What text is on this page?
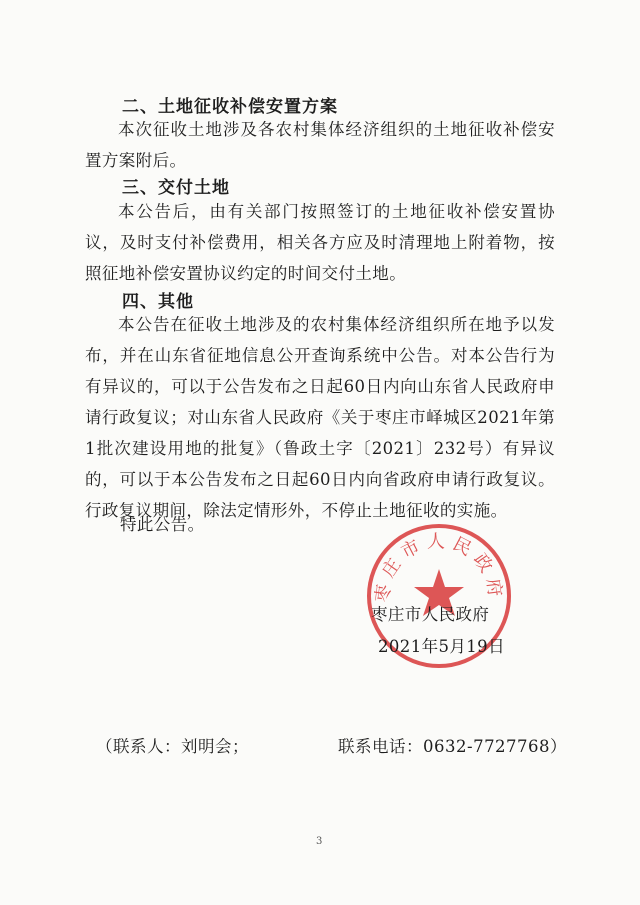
二、土地征收补偿安置方案

本次征收土地涉及各农村集体经济组织的土地征收补偿安置方案附后。

三、交付土地

本公告后，由有关部门按照签订的土地征收补偿安置协议，及时支付补偿费用，相关各方应及时清理地上附着物，按照征地补偿安置协议约定的时间交付土地。

四、其他

本公告在征收土地涉及的农村集体经济组织所在地予以发布，并在山东省征地信息公开查询系统中公告。对本公告行为有异议的，可以于公告发布之日起60日内向山东省人民政府申请行政复议；对山东省人民政府《关于枣庄市峄城区2021年第1批次建设用地的批复》（鲁政土字〔2021〕232号）有异议的，可以于本公告发布之日起60日内向省政府申请行政复议。行政复议期间，除法定情形外，不停止土地征收的实施。

特此公告。

枣庄市人民政府

枣庄市人民政府

2021年5月19日

（联系人：刘明会；	联系电话：0632-7727768）

3
